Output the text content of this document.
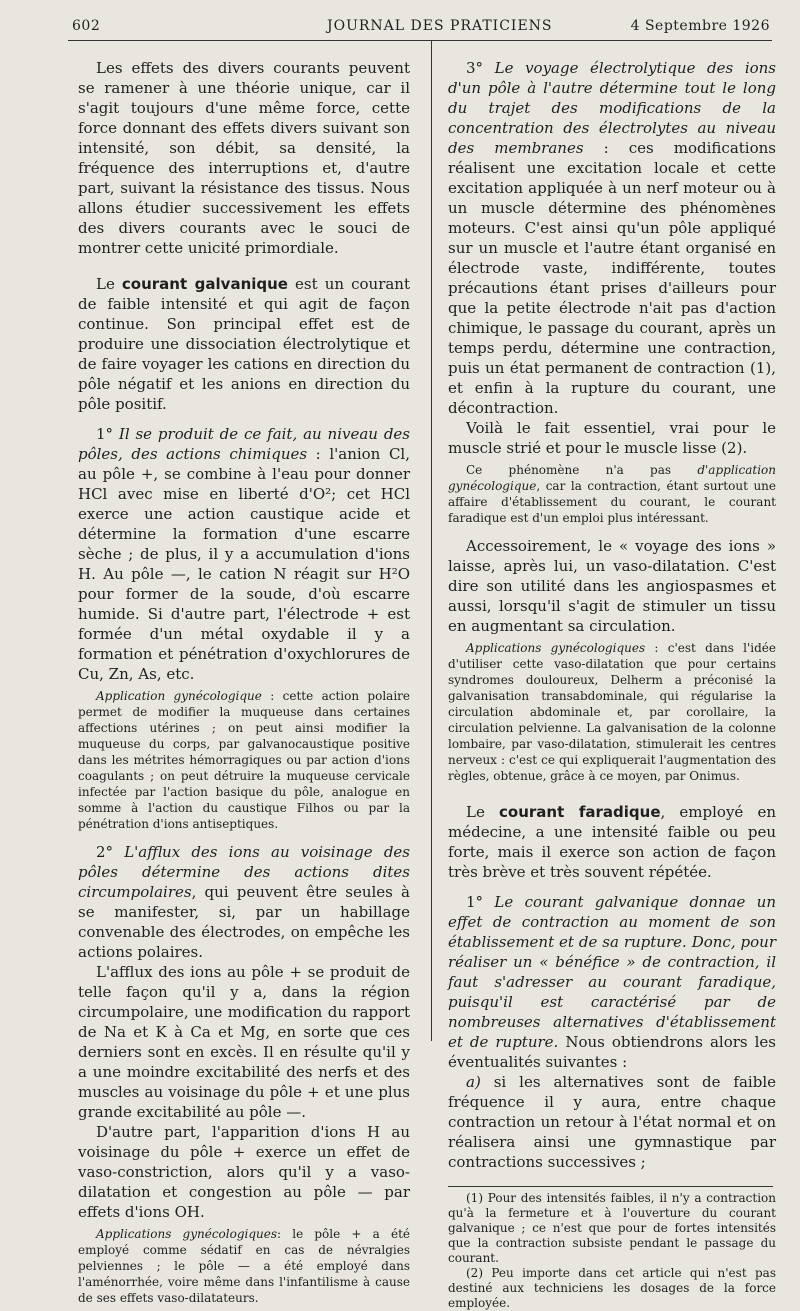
602	JOURNAL DES PRATICIENS	4 Septembre 1926

Les effets des divers courants peuvent se ramener à une théorie unique, car il s'agit toujours d'une même force, cette force donnant des effets divers suivant son intensité, son débit, sa densité, la fréquence des interruptions et, d'autre part, suivant la résistance des tissus. Nous allons étudier successivement les effets des divers courants avec le souci de montrer cette unicité primordiale.

Le courant galvanique est un courant de faible intensité et qui agit de façon continue. Son principal effet est de produire une dissociation électrolytique et de faire voyager les cations en direction du pôle négatif et les anions en direction du pôle positif.

1° Il se produit de ce fait, au niveau des pôles, des actions chimiques : l'anion Cl, au pôle +, se combine à l'eau pour donner HCl avec mise en liberté d'O²; cet HCl exerce une action caustique acide et détermine la formation d'une escarre sèche ; de plus, il y a accumulation d'ions H. Au pôle —, le cation N réagit sur H²O pour former de la soude, d'où escarre humide. Si d'autre part, l'électrode + est formée d'un métal oxydable il y a formation et pénétration d'oxychlorures de Cu, Zn, As, etc.

Application gynécologique : cette action polaire permet de modifier la muqueuse dans certaines affections utérines ; on peut ainsi modifier la muqueuse du corps, par galvanocaustique positive dans les métrites hémorragiques ou par action d'ions coagulants ; on peut détruire la muqueuse cervicale infectée par l'action basique du pôle, analogue en somme à l'action du caustique Filhos ou par la pénétration d'ions antiseptiques.

2° L'afflux des ions au voisinage des pôles détermine des actions dites circumpolaires, qui peuvent être seules à se manifester, si, par un habillage convenable des électrodes, on empêche les actions polaires.

L'afflux des ions au pôle + se produit de telle façon qu'il y a, dans la région circumpolaire, une modification du rapport de Na et K à Ca et Mg, en sorte que ces derniers sont en excès. Il en résulte qu'il y a une moindre excitabilité des nerfs et des muscles au voisinage du pôle + et une plus grande excitabilité au pôle —.

D'autre part, l'apparition d'ions H au voisinage du pôle + exerce un effet de vaso-constriction, alors qu'il y a vaso-dilatation et congestion au pôle — par effets d'ions OH.

Applications gynécologiques: le pôle + a été employé comme sédatif en cas de névralgies pelviennes ; le pôle — a été employé dans l'aménorrhée, voire même dans l'infantilisme à cause de ses effets vaso-dilatateurs.

3° Le voyage électrolytique des ions d'un pôle à l'autre détermine tout le long du trajet des modifications de la concentration des électrolytes au niveau des membranes : ces modifications réalisent une excitation locale et cette excitation appliquée à un nerf moteur ou à un muscle détermine des phénomènes moteurs. C'est ainsi qu'un pôle appliqué sur un muscle et l'autre étant organisé en électrode vaste, indifférente, toutes précautions étant prises d'ailleurs pour que la petite électrode n'ait pas d'action chimique, le passage du courant, après un temps perdu, détermine une contraction, puis un état permanent de contraction (1), et enfin à la rupture du courant, une décontraction.

Voilà le fait essentiel, vrai pour le muscle strié et pour le muscle lisse (2).

Ce phénomène n'a pas d'application gynécologique, car la contraction, étant surtout une affaire d'établissement du courant, le courant faradique est d'un emploi plus intéressant.

Accessoirement, le « voyage des ions » laisse, après lui, un vaso-dilatation. C'est dire son utilité dans les angiospasmes et aussi, lorsqu'il s'agit de stimuler un tissu en augmentant sa circulation.

Applications gynécologiques : c'est dans l'idée d'utiliser cette vaso-dilatation que pour certains syndromes douloureux, Delherm a préconisé la galvanisation transabdominale, qui régularise la circulation abdominale et, par corollaire, la circulation pelvienne. La galvanisation de la colonne lombaire, par vaso-dilatation, stimulerait les centres nerveux : c'est ce qui expliquerait l'augmentation des règles, obtenue, grâce à ce moyen, par Onimus.

Le courant faradique, employé en médecine, a une intensité faible ou peu forte, mais il exerce son action de façon très brève et très souvent répétée.

1° Le courant galvanique donnae un effet de contraction au moment de son établissement et de sa rupture. Donc, pour réaliser un « bénéfice » de contraction, il faut s'adresser au courant faradique, puisqu'il est caractérisé par de nombreuses alternatives d'établissement et de rupture. Nous obtiendrons alors les éventualités suivantes :

a) si les alternatives sont de faible fréquence il y aura, entre chaque contraction un retour à l'état normal et on réalisera ainsi une gymnastique par contractions successives ;

(1) Pour des intensités faibles, il n'y a contraction qu'à la fermeture et à l'ouverture du courant galvanique ; ce n'est que pour de fortes intensités que la contraction subsiste pendant le passage du courant.

(2) Peu importe dans cet article qui n'est pas destiné aux techniciens les dosages de la force employée.
